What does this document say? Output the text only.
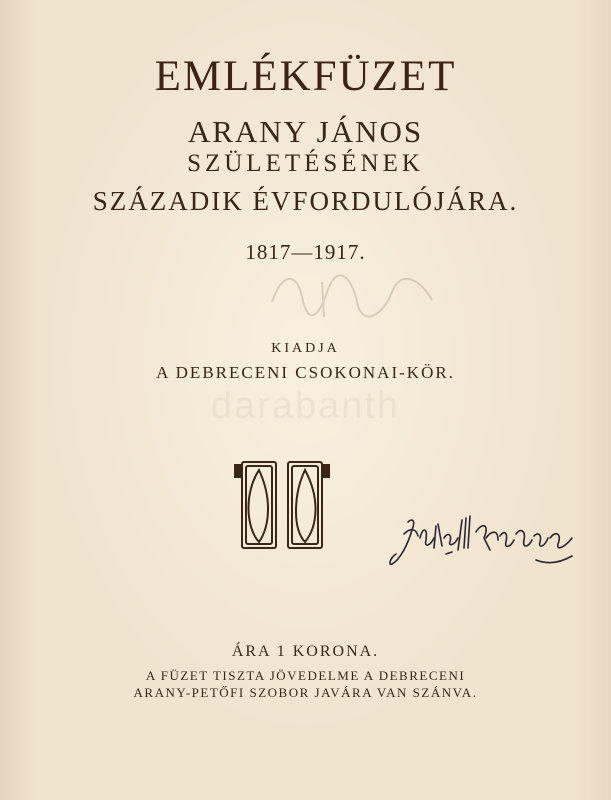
EMLÉKFÜZET
ARANY JÁNOS
SZÜLETÉSÉNEK
SZÁZADIK ÉVFORDULÓJÁRA.
1817—1917.
KIADJA
A DEBRECENI CSOKONAI-KÖR.
darabanth
ÁRA 1 KORONA.
A FÜZET TISZTA JÖVEDELME A DEBRECENI
ARANY-PETŐFI SZOBOR JAVÁRA VAN SZÁNVA.
